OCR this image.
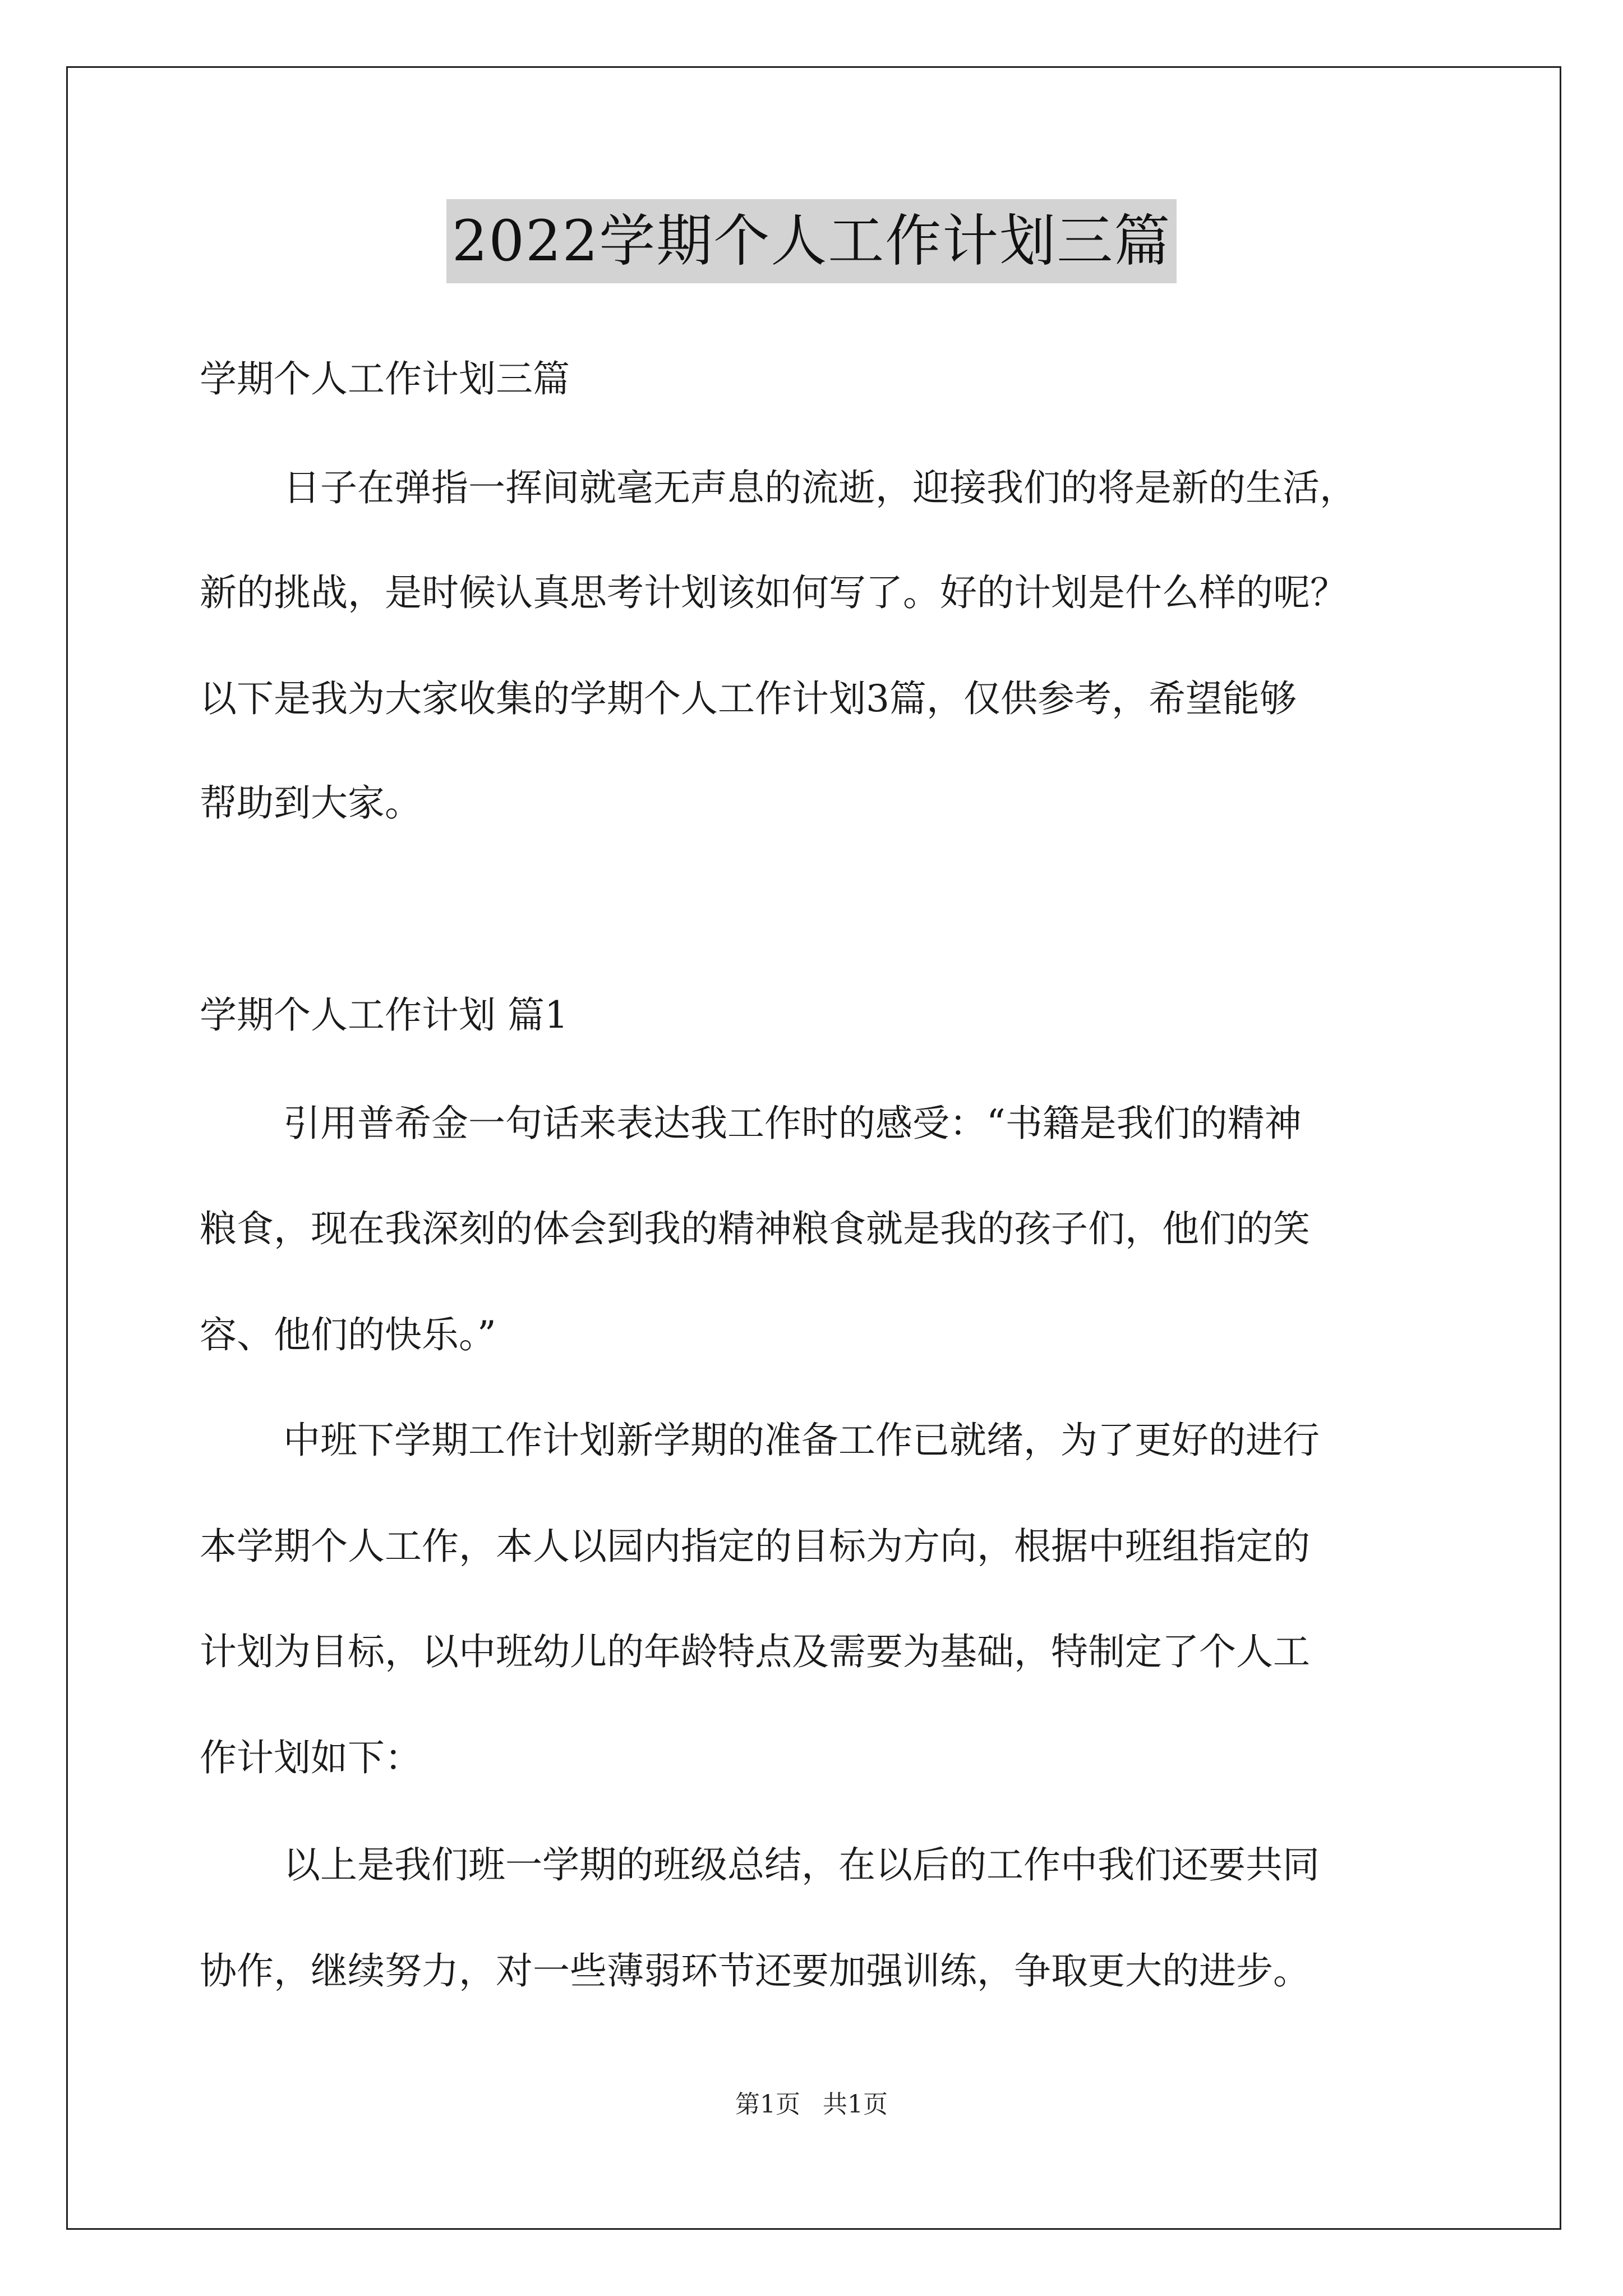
2022学期个人工作计划三篇
学期个人工作计划三篇
日子在弹指一挥间就毫无声息的流逝，迎接我们的将是新的生活，
新的挑战，是时候认真思考计划该如何写了。好的计划是什么样的呢？
以下是我为大家收集的学期个人工作计划3篇，仅供参考，希望能够
帮助到大家。
学期个人工作计划 篇1
引用普希金一句话来表达我工作时的感受：“书籍是我们的精神
粮食，现在我深刻的体会到我的精神粮食就是我的孩子们，他们的笑
容、他们的快乐。”
中班下学期工作计划新学期的准备工作已就绪，为了更好的进行
本学期个人工作，本人以园内指定的目标为方向，根据中班组指定的
计划为目标，以中班幼儿的年龄特点及需要为基础，特制定了个人工
作计划如下：
以上是我们班一学期的班级总结，在以后的工作中我们还要共同
协作，继续努力，对一些薄弱环节还要加强训练，争取更大的进步。
第1页 共1页
